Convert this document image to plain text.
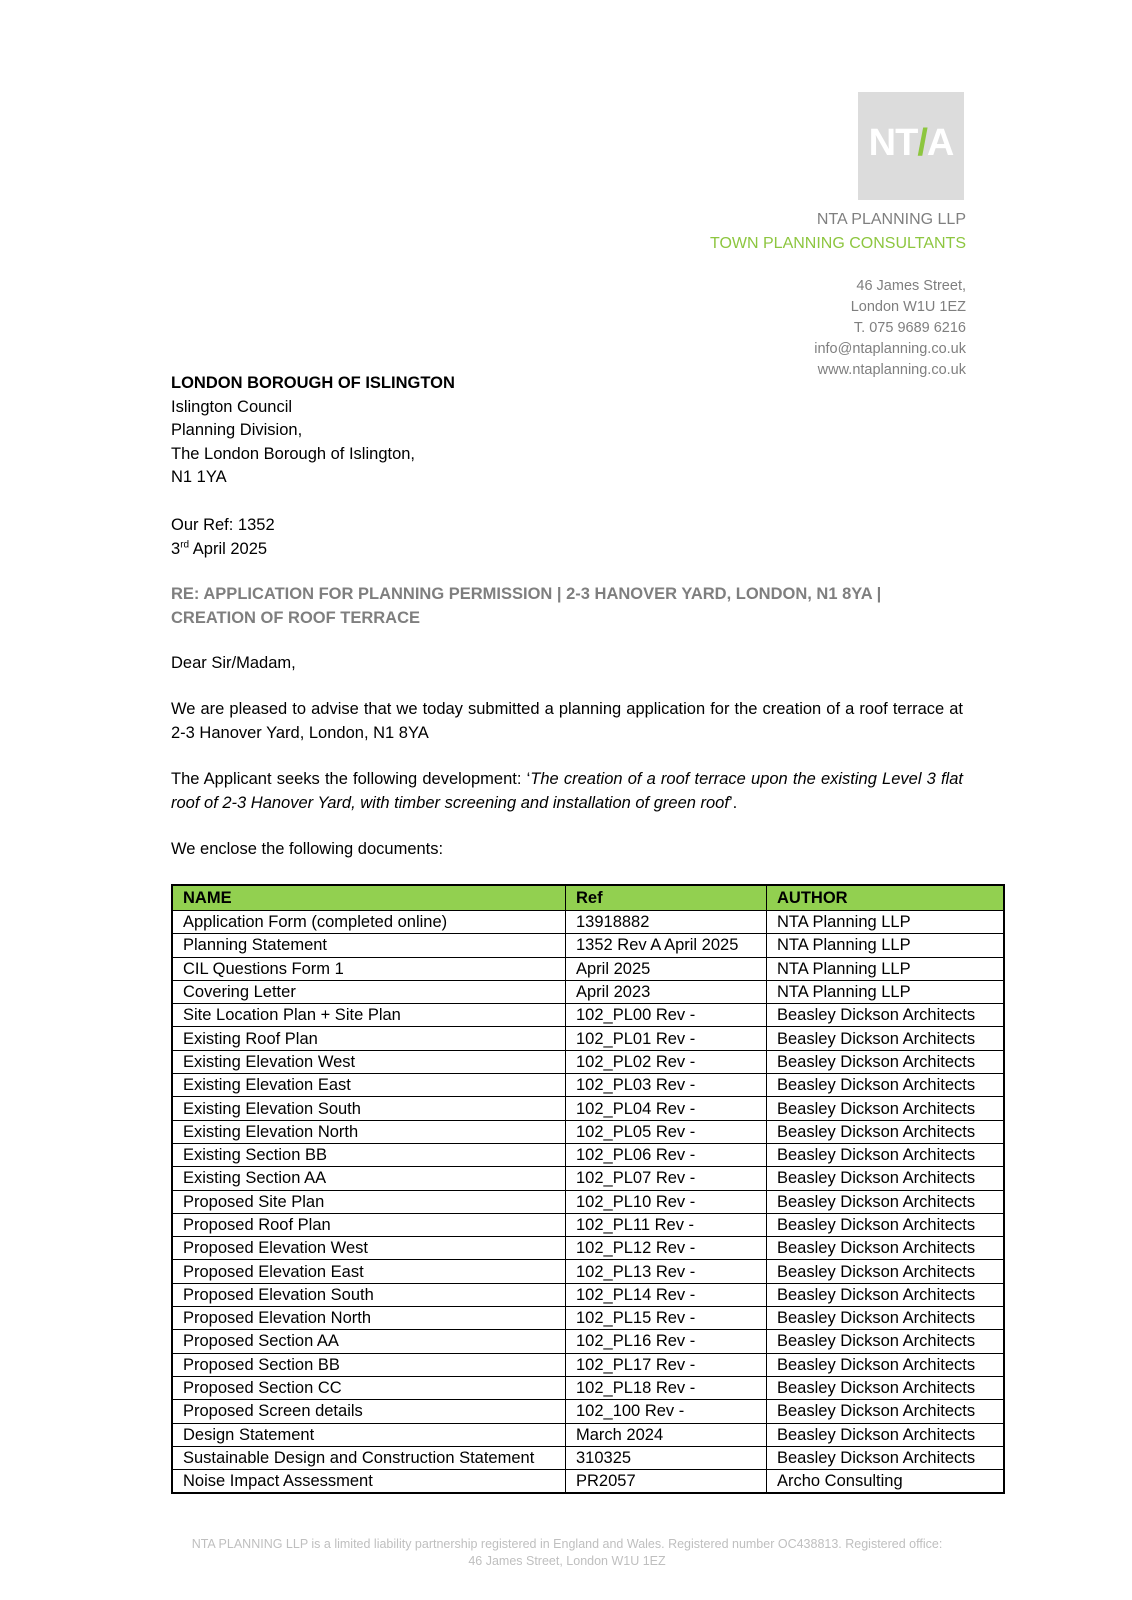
NT/A
NTA PLANNING LLP
TOWN PLANNING CONSULTANTS
46 James Street,
London W1U 1EZ
T. 075 9689 6216
info@ntaplanning.co.uk
www.ntaplanning.co.uk
LONDON BOROUGH OF ISLINGTON
Islington Council
Planning Division,
The London Borough of Islington,
N1 1YA
Our Ref: 1352
3rd April 2025
RE: APPLICATION FOR PLANNING PERMISSION | 2-3 HANOVER YARD, LONDON, N1 8YA | CREATION OF ROOF TERRACE
Dear Sir/Madam,
We are pleased to advise that we today submitted a planning application for the creation of a roof terrace at 2-3 Hanover Yard, London, N1 8YA
The Applicant seeks the following development: ‘The creation of a roof terrace upon the existing Level 3 flat roof of 2-3 Hanover Yard, with timber screening and installation of green roof’.
We enclose the following documents:
NAME	Ref	AUTHOR
Application Form (completed online)	13918882	NTA Planning LLP
Planning Statement	1352 Rev A April 2025	NTA Planning LLP
CIL Questions Form 1	April 2025	NTA Planning LLP
Covering Letter	April 2023	NTA Planning LLP
Site Location Plan + Site Plan	102_PL00 Rev -	Beasley Dickson Architects
Existing Roof Plan	102_PL01 Rev -	Beasley Dickson Architects
Existing Elevation West	102_PL02 Rev -	Beasley Dickson Architects
Existing Elevation East	102_PL03 Rev -	Beasley Dickson Architects
Existing Elevation South	102_PL04 Rev -	Beasley Dickson Architects
Existing Elevation North	102_PL05 Rev -	Beasley Dickson Architects
Existing Section BB	102_PL06 Rev -	Beasley Dickson Architects
Existing Section AA	102_PL07 Rev -	Beasley Dickson Architects
Proposed Site Plan	102_PL10 Rev -	Beasley Dickson Architects
Proposed Roof Plan	102_PL11 Rev -	Beasley Dickson Architects
Proposed Elevation West	102_PL12 Rev -	Beasley Dickson Architects
Proposed Elevation East	102_PL13 Rev -	Beasley Dickson Architects
Proposed Elevation South	102_PL14 Rev -	Beasley Dickson Architects
Proposed Elevation North	102_PL15 Rev -	Beasley Dickson Architects
Proposed Section AA	102_PL16 Rev -	Beasley Dickson Architects
Proposed Section BB	102_PL17 Rev -	Beasley Dickson Architects
Proposed Section CC	102_PL18 Rev -	Beasley Dickson Architects
Proposed Screen details	102_100 Rev -	Beasley Dickson Architects
Design Statement	March 2024	Beasley Dickson Architects
Sustainable Design and Construction Statement	310325	Beasley Dickson Architects
Noise Impact Assessment	PR2057	Archo Consulting
NTA PLANNING LLP is a limited liability partnership registered in England and Wales. Registered number OC438813. Registered office:
46 James Street, London W1U 1EZ
